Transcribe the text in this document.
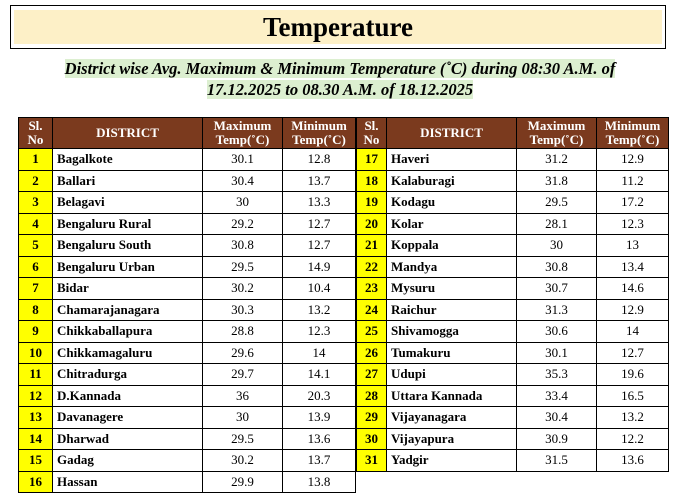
Temperature
District wise Avg. Maximum & Minimum Temperature (˚C) during 08:30 A.M. of
17.12.2025 to 08.30 A.M. of 18.12.2025
Sl. No	DISTRICT	Maximum Temp(˚C)	Minimum Temp(˚C)
1	Bagalkote	30.1	12.8
2	Ballari	30.4	13.7
3	Belagavi	30	13.3
4	Bengaluru Rural	29.2	12.7
5	Bengaluru South	30.8	12.7
6	Bengaluru Urban	29.5	14.9
7	Bidar	30.2	10.4
8	Chamarajanagara	30.3	13.2
9	Chikkaballapura	28.8	12.3
10	Chikkamagaluru	29.6	14
11	Chitradurga	29.7	14.1
12	D.Kannada	36	20.3
13	Davanagere	30	13.9
14	Dharwad	29.5	13.6
15	Gadag	30.2	13.7
16	Hassan	29.9	13.8
Sl. No	DISTRICT	Maximum Temp(˚C)	Minimum Temp(˚C)
17	Haveri	31.2	12.9
18	Kalaburagi	31.8	11.2
19	Kodagu	29.5	17.2
20	Kolar	28.1	12.3
21	Koppala	30	13
22	Mandya	30.8	13.4
23	Mysuru	30.7	14.6
24	Raichur	31.3	12.9
25	Shivamogga	30.6	14
26	Tumakuru	30.1	12.7
27	Udupi	35.3	19.6
28	Uttara Kannada	33.4	16.5
29	Vijayanagara	30.4	13.2
30	Vijayapura	30.9	12.2
31	Yadgir	31.5	13.6
